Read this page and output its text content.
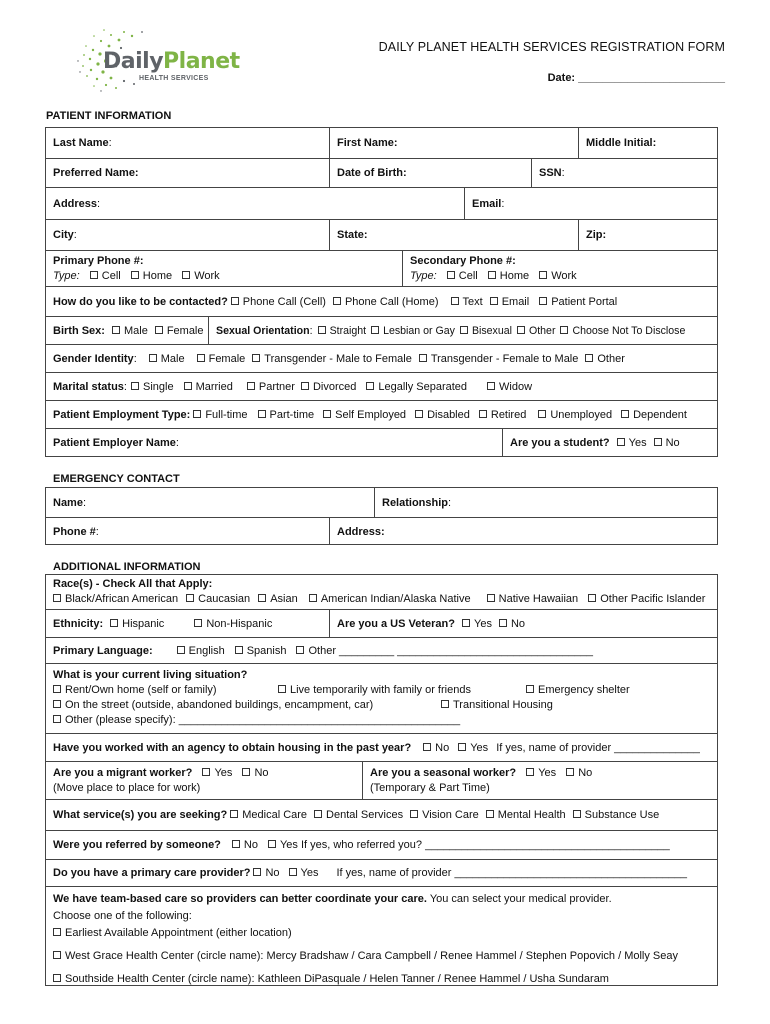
DailyPlanet
HEALTH SERVICES
DAILY PLANET HEALTH SERVICES REGISTRATION FORM
Date: ________________________
PATIENT INFORMATION
Last Name :	First Name:	Middle Initial:
Preferred Name:	Date of Birth:	SSN :
Address :	Email :
City :	State:	Zip:
Primary Phone #:
Type: Cell Home Work
Secondary Phone #:
Type: Cell Home Work
How do you like to be contacted?	Phone Call (Cell)	Phone Call (Home)	Text	Email	Patient Portal
Birth Sex:	Male	Female Sexual Orientation :	Straight	Lesbian or Gay	Bisexual	Other	Choose Not To Disclose
Gender Identity :	Male	Female	Transgender - Male to Female	Transgender - Female to Male	Other
Marital status :	Single	Married	Partner	Divorced	Legally Separated	Widow
Patient Employment Type:	Full-time	Part-time	Self Employed	Disabled	Retired	Unemployed	Dependent
Patient Employer Name :	Are you a student?	Yes	No
EMERGENCY CONTACT
Name :	Relationship :
Phone # :	Address:
ADDITIONAL INFORMATION
Race(s) - Check All that Apply:
Black/African American Caucasian Asian American Indian/Alaska Native	Native Hawaiian Other Pacific Islander
Ethnicity:	Hispanic	Non-Hispanic	Are you a US Veteran?	Yes	No
Primary Language:	English	Spanish	Other _________ ________________________________
What is your current living situation?
Rent/Own home (self or family)	Live temporarily with family or friends	Emergency shelter
On the street (outside, abandoned buildings, encampment, car)	Transitional Housing
Other (please specify): ______________________________________________
Have you worked with an agency to obtain housing in the past year?	No	Yes If yes, name of provider ______________
Are you a migrant worker? Yes No
(Move place to place for work)
Are you a seasonal worker? Yes No
(Temporary & Part Time)
What service(s) you are seeking?	Medical Care	Dental Services	Vision Care	Mental Health	Substance Use
Were you referred by someone?	No	Yes If yes, who referred you? ________________________________________
Do you have a primary care provider?	No	Yes If yes, name of provider ______________________________________
We have team-based care so providers can better coordinate your care. You can select your medical provider.
Choose one of the following:
Earliest Available Appointment (either location)
West Grace Health Center (circle name): Mercy Bradshaw / Cara Campbell / Renee Hammel / Stephen Popovich / Molly Seay
Southside Health Center (circle name): Kathleen DiPasquale / Helen Tanner / Renee Hammel / Usha Sundaram
